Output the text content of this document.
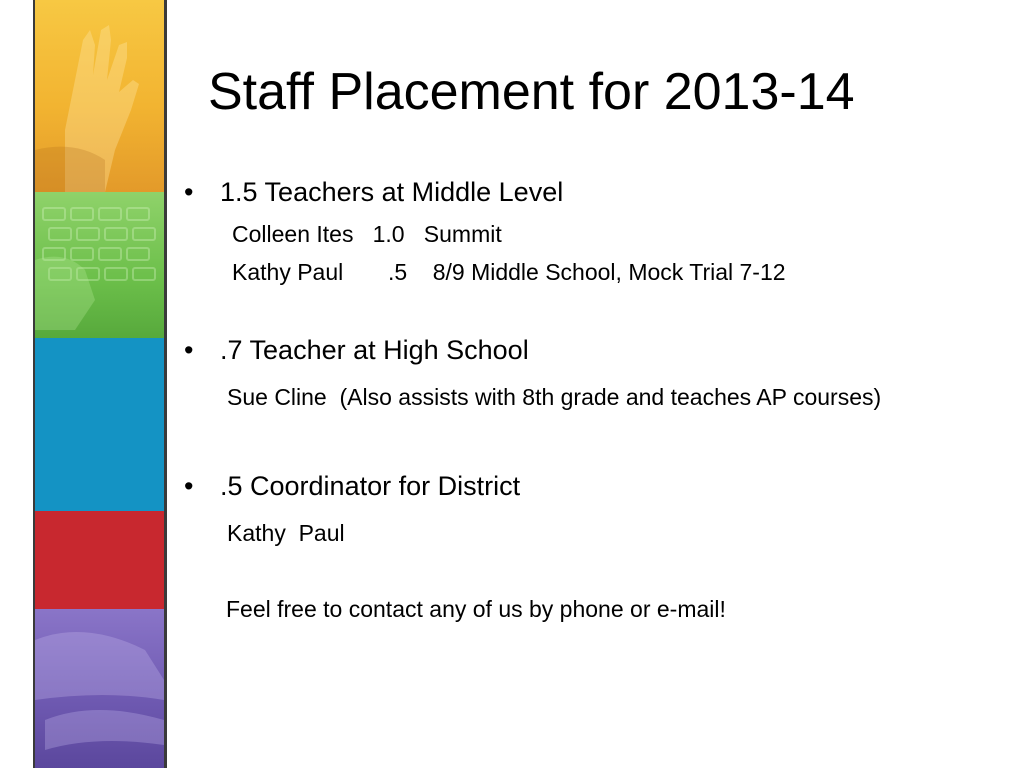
Staff Placement for 2013-14
• 1.5 Teachers at Middle Level
Colleen Ites   1.0   Summit
Kathy Paul       .5    8/9 Middle School, Mock Trial 7-12
• .7 Teacher at High School
Sue Cline  (Also assists with 8th grade and teaches AP courses)
• .5 Coordinator for District
Kathy  Paul
Feel free to contact any of us by phone or e-mail!
